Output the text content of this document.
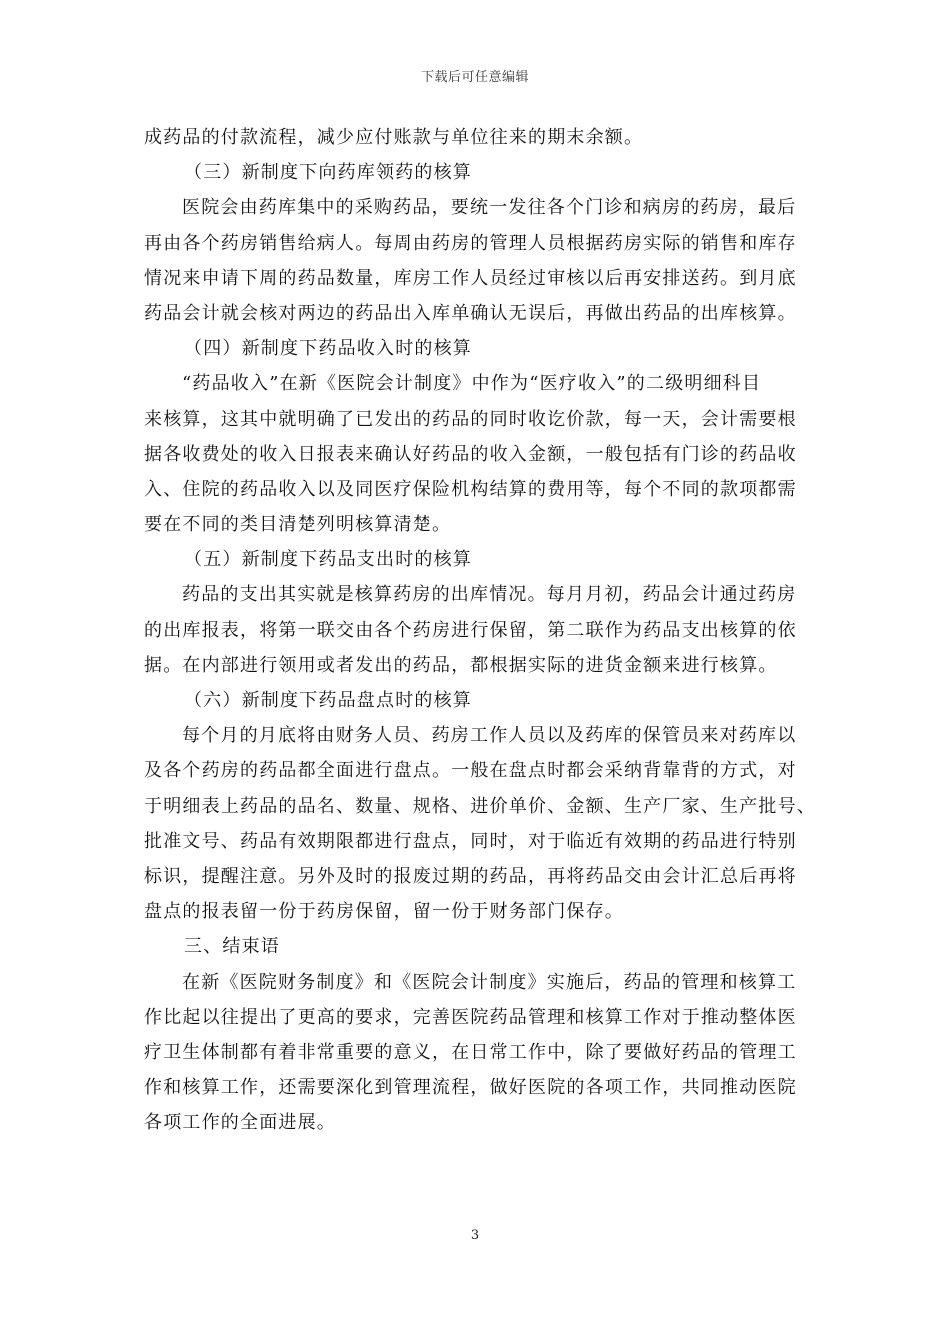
下载后可任意编辑
成药品的付款流程，减少应付账款与单位往来的期末余额。
（三）新制度下向药库领药的核算
医院会由药库集中的采购药品，要统一发往各个门诊和病房的药房，最后
再由各个药房销售给病人。每周由药房的管理人员根据药房实际的销售和库存
情况来申请下周的药品数量，库房工作人员经过审核以后再安排送药。到月底
药品会计就会核对两边的药品出入库单确认无误后，再做出药品的出库核算。
（四）新制度下药品收入时的核算
“药品收入”在新《医院会计制度》中作为“医疗收入”的二级明细科目
来核算，这其中就明确了已发出的药品的同时收讫价款，每一天，会计需要根
据各收费处的收入日报表来确认好药品的收入金额，一般包括有门诊的药品收
入、住院的药品收入以及同医疗保险机构结算的费用等，每个不同的款项都需
要在不同的类目清楚列明核算清楚。
（五）新制度下药品支出时的核算
药品的支出其实就是核算药房的出库情况。每月月初，药品会计通过药房
的出库报表，将第一联交由各个药房进行保留，第二联作为药品支出核算的依
据。在内部进行领用或者发出的药品，都根据实际的进货金额来进行核算。
（六）新制度下药品盘点时的核算
每个月的月底将由财务人员、药房工作人员以及药库的保管员来对药库以
及各个药房的药品都全面进行盘点。一般在盘点时都会采纳背靠背的方式，对
于明细表上药品的品名、数量、规格、进价单价、金额、生产厂家、生产批号、
批准文号、药品有效期限都进行盘点，同时，对于临近有效期的药品进行特别
标识，提醒注意。另外及时的报废过期的药品，再将药品交由会计汇总后再将
盘点的报表留一份于药房保留，留一份于财务部门保存。
三、结束语
在新《医院财务制度》和《医院会计制度》实施后，药品的管理和核算工
作比起以往提出了更高的要求，完善医院药品管理和核算工作对于推动整体医
疗卫生体制都有着非常重要的意义，在日常工作中，除了要做好药品的管理工
作和核算工作，还需要深化到管理流程，做好医院的各项工作，共同推动医院
各项工作的全面进展。
3
